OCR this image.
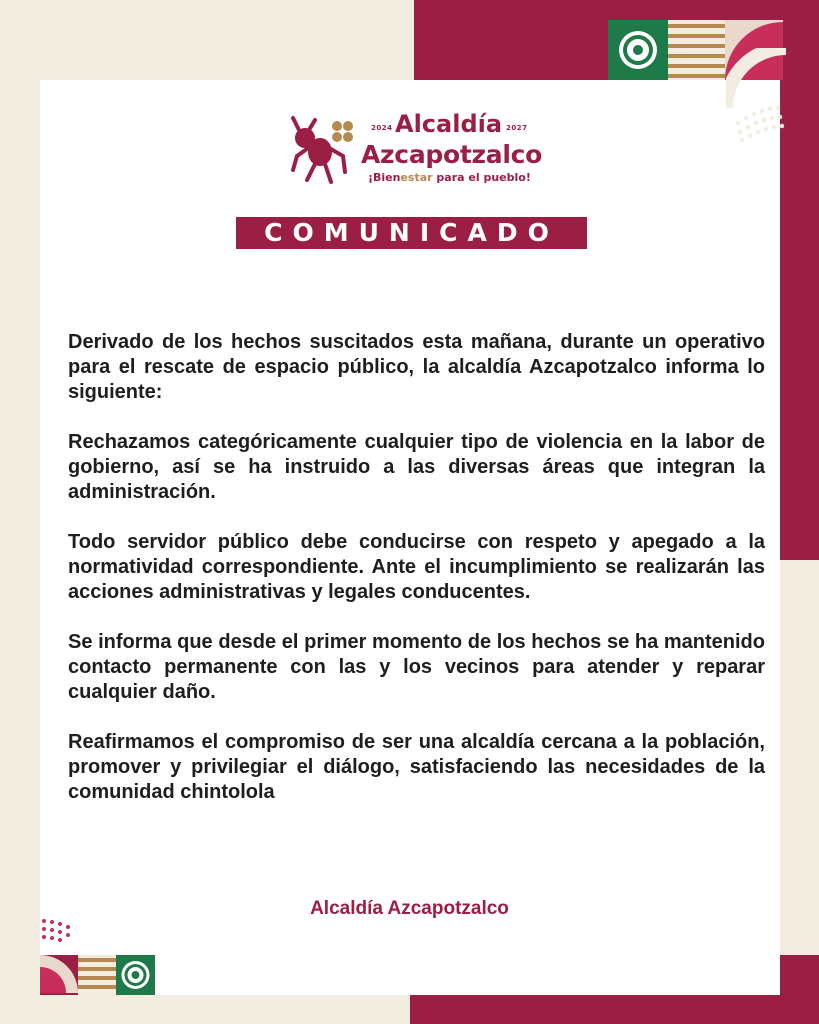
2024 Alcaldía 2027
Azcapotzalco
¡Bienestar para el pueblo!
COMUNICADO

Derivado de los hechos suscitados esta mañana, durante un operativo para el rescate de espacio público, la alcaldía Azcapotzalco informa lo siguiente:

Rechazamos categóricamente cualquier tipo de violencia en la labor de gobierno, así se ha instruido a las diversas áreas que integran la administración.

Todo servidor público debe conducirse con respeto y apegado a la normatividad correspondiente. Ante el incumplimiento se realizarán las acciones administrativas y legales conducentes.

Se informa que desde el primer momento de los hechos se ha mantenido contacto permanente con las y los vecinos para atender y reparar cualquier daño.

Reafirmamos el compromiso de ser una alcaldía cercana a la población, promover y privilegiar el diálogo, satisfaciendo las necesidades de la comunidad chintolola

Alcaldía Azcapotzalco
